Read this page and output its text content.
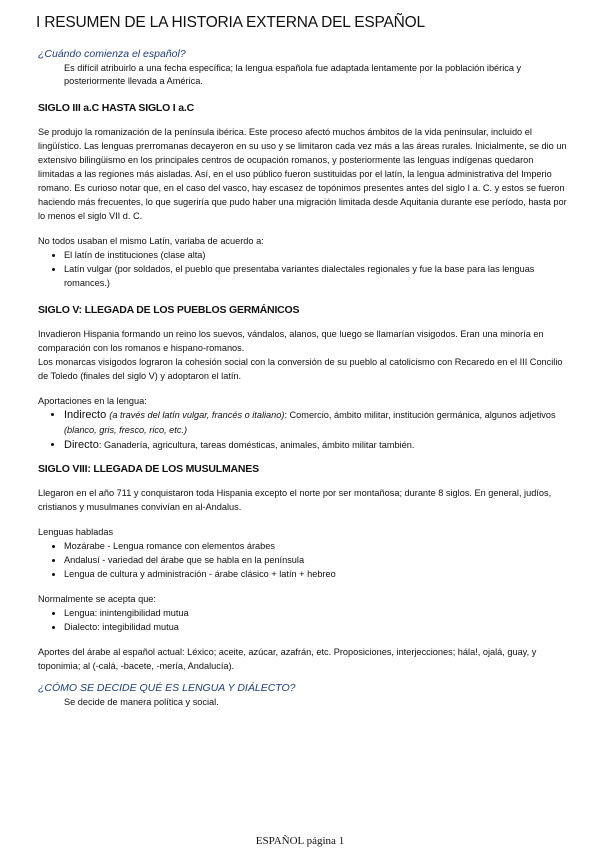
I RESUMEN DE LA HISTORIA EXTERNA DEL ESPAÑOL
¿Cuándo comienza el español?
Es difícil atribuirlo a una fecha específica; la lengua española fue adaptada lentamente por la población ibérica y posteriormente llevada a América.
SIGLO III a.C HASTA SIGLO I a.C

Se produjo la romanización de la península ibérica. Este proceso afectó muchos ámbitos de la vida peninsular, incluido el lingüístico. Las lenguas prerromanas decayeron en su uso y se limitaron cada vez más a las áreas rurales. Inicialmente, se dio un extensivo bilingüismo en los principales centros de ocupación romanos, y posteriormente las lenguas indígenas quedaron limitadas a las regiones más aisladas. Así, en el uso público fueron sustituidas por el latín, la lengua administrativa del Imperio romano. Es curioso notar que, en el caso del vasco, hay escasez de topónimos presentes antes del siglo I a. C. y estos se fueron haciendo más frecuentes, lo que sugeriría que pudo haber una migración limitada desde Aquitania durante ese período, hasta por lo menos el siglo VII d. C.

No todos usaban el mismo Latín, variaba de acuerdo a:

• El latín de instituciones (clase alta)
• Latín vulgar (por soldados, el pueblo que presentaba variantes dialectales regionales y fue la base para las lenguas romances.)
SIGLO V: LLEGADA DE LOS PUEBLOS GERMÁNICOS

Invadieron Hispania formando un reino los suevos, vándalos, alanos, que luego se llamarían visigodos. Eran una minoría en comparación con los romanos e hispano-romanos.

Los monarcas visigodos lograron la cohesión social con la conversión de su pueblo al catolicismo con Recaredo en el III Concilio de Toledo (finales del siglo V) y adoptaron el latín.

Aportaciones en la lengua:

• Indirecto (a través del latín vulgar, francés o italiano): Comercio, ámbito militar, institución germánica, algunos adjetivos (blanco, gris, fresco, rico, etc.)
• Directo: Ganadería, agricultura, tareas domésticas, animales, ámbito militar también.
SIGLO VIII: LLEGADA DE LOS MUSULMANES

Llegaron en el año 711 y conquistaron toda Hispania excepto el norte por ser montañosa; durante 8 siglos. En general, judíos, cristianos y musulmanes convivían en al-Andalus.

Lenguas habladas

• Mozárabe - Lengua romance con elementos árabes
• Andalusí - variedad del árabe que se habla en la península
• Lengua de cultura y administración - árabe clásico + latín + hebreo

Normalmente se acepta que:

• Lengua: inintengibilidad mutua
• Dialecto: integibilidad mutua

Aportes del árabe al español actual: Léxico; aceite, azúcar, azafrán, etc. Proposiciones, interjecciones; hála!, ojalá, guay, y toponimia; al (-calá, -bacete, -mería, Andalucía).

¿CÓMO SE DECIDE QUÉ ES LENGUA Y DIÁLECTO?
Se decide de manera política y social.
ESPAÑOL página 1
